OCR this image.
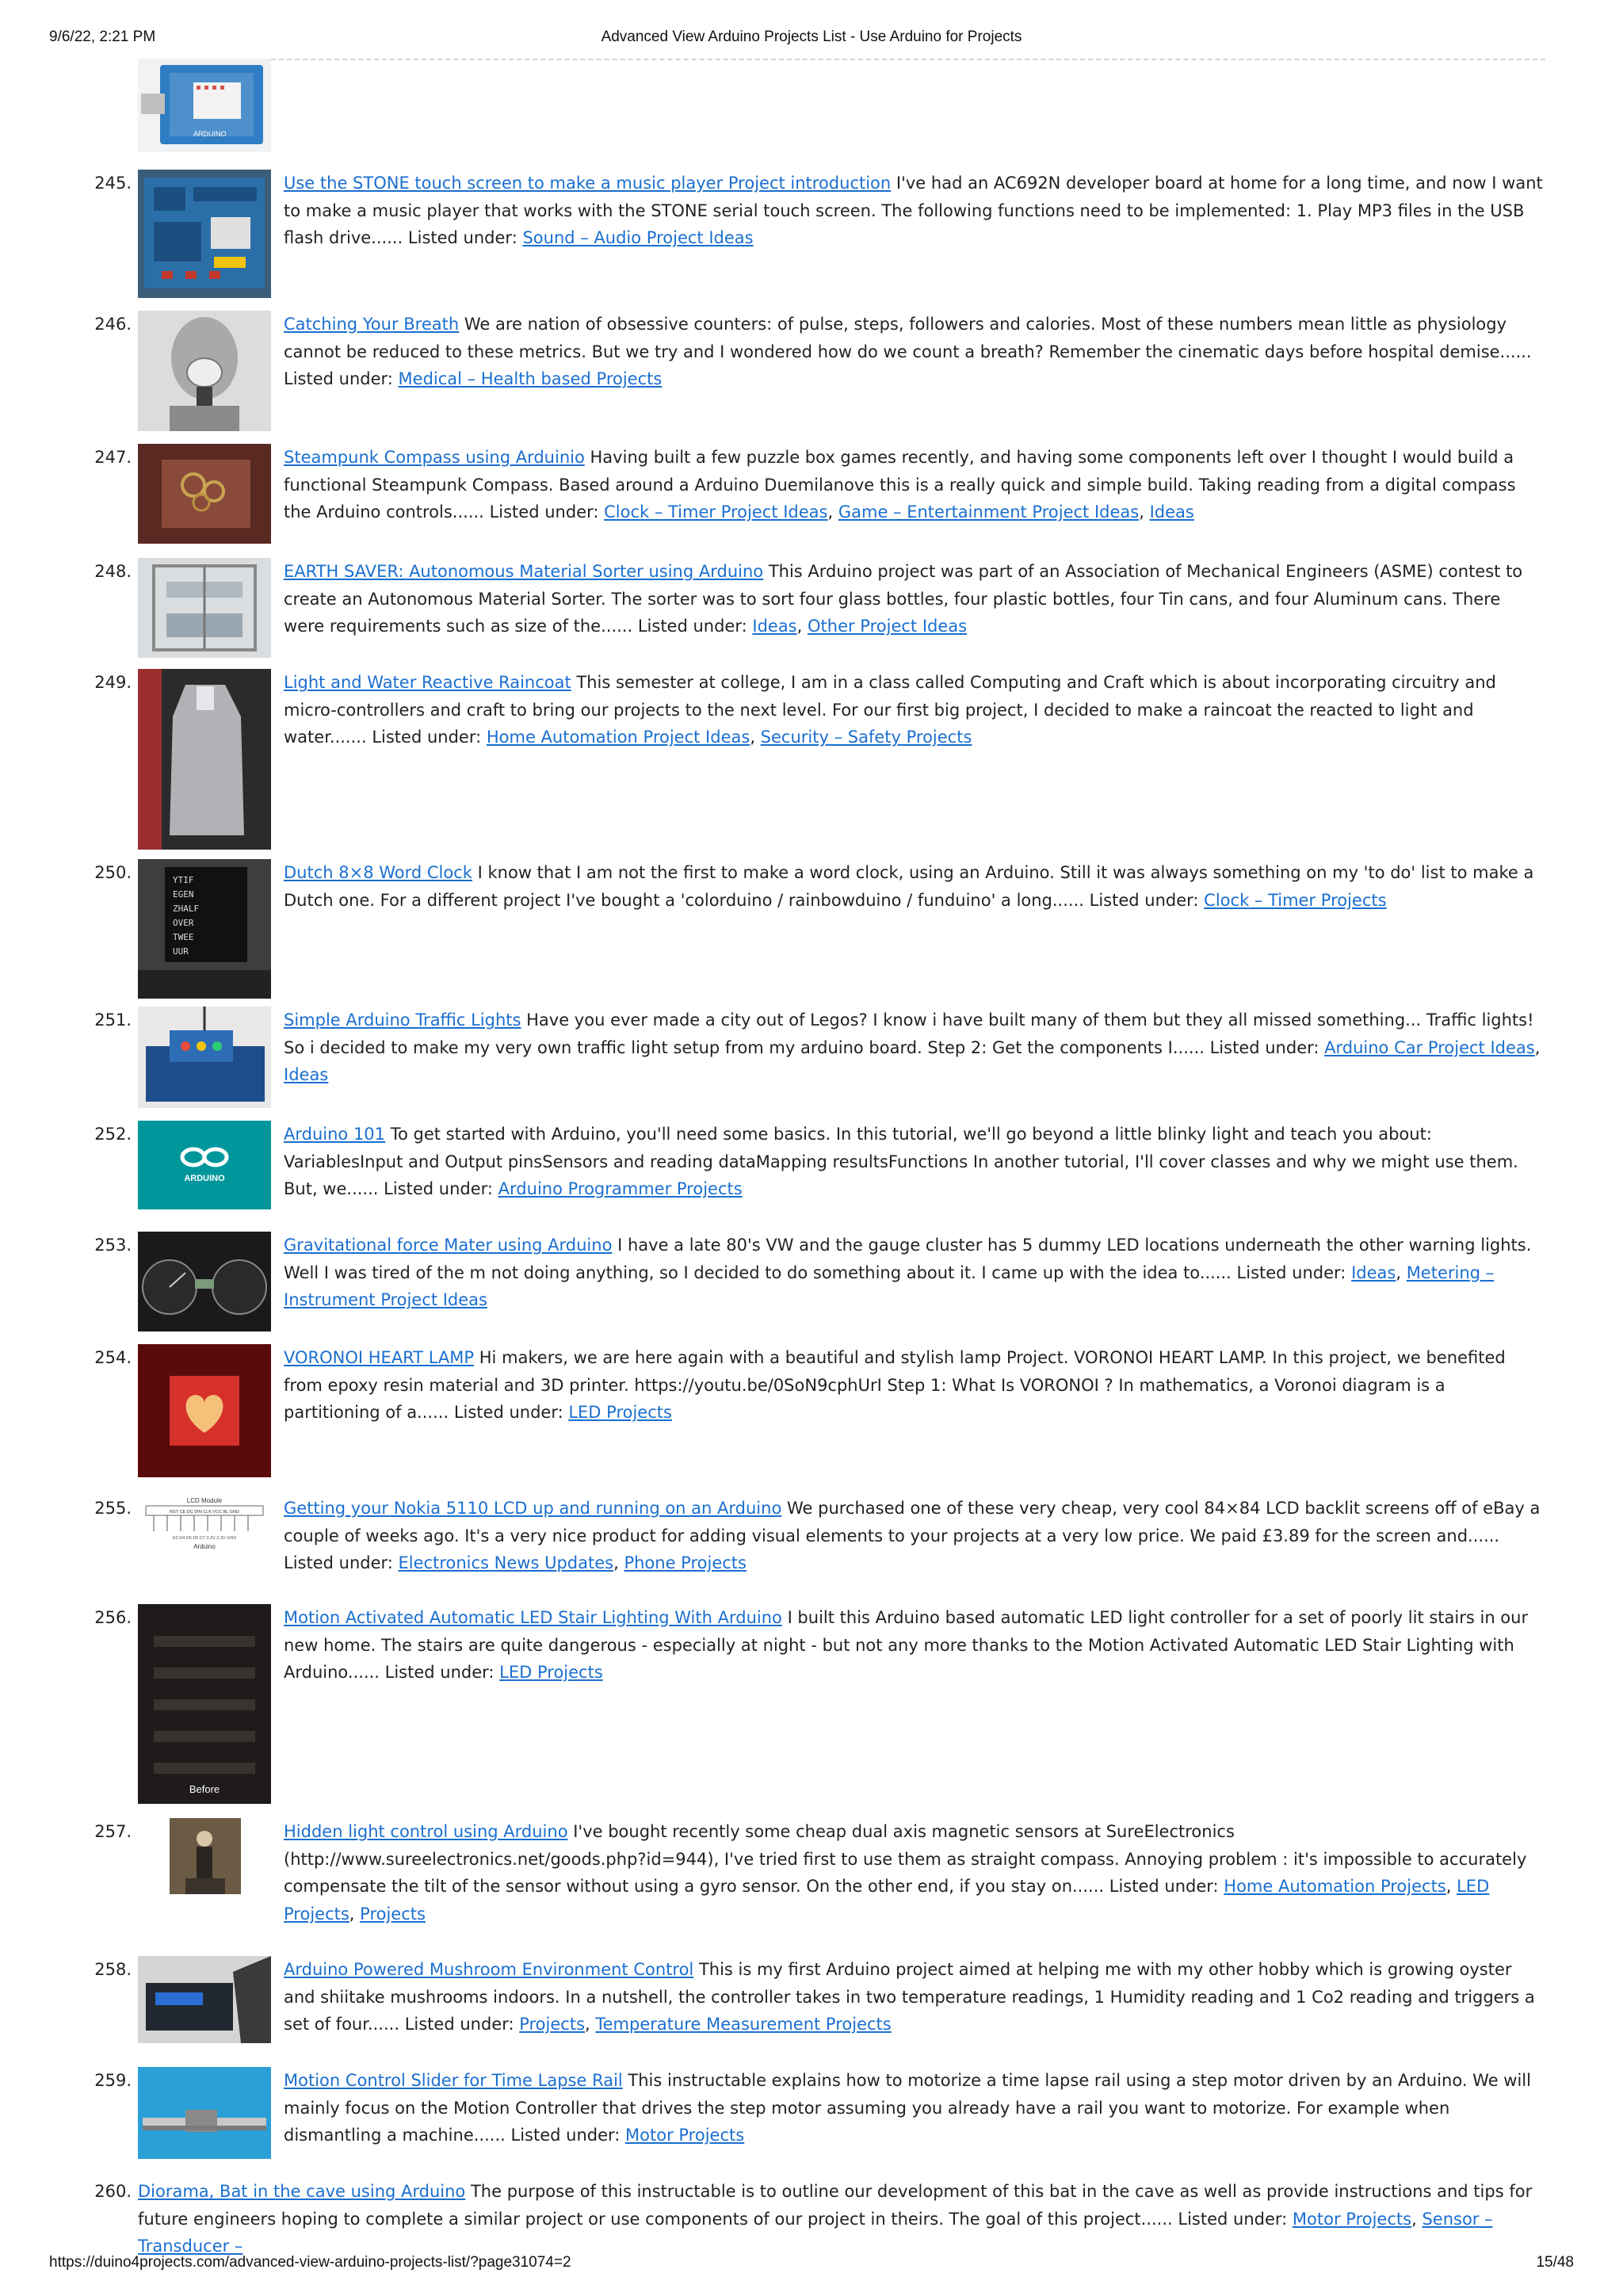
9/6/22, 2:21 PM	Advanced View Arduino Projects List - Use Arduino for Projects
ARDUINO
245.	Use the STONE touch screen to make a music player Project introduction I've had an AC692N developer board at home for a long time, and now I want to make a music player that works with the STONE serial touch screen. The following functions need to be implemented: 1. Play MP3 files in the USB flash drive...... Listed under: Sound – Audio Project Ideas
246.	Catching Your Breath We are nation of obsessive counters: of pulse, steps, followers and calories. Most of these numbers mean little as physiology cannot be reduced to these metrics. But we try and I wondered how do we count a breath? Remember the cinematic days before hospital demise...... Listed under: Medical – Health based Projects
247.	Steampunk Compass using Arduinio Having built a few puzzle box games recently, and having some components left over I thought I would build a functional Steampunk Compass. Based around a Arduino Duemilanove this is a really quick and simple build. Taking reading from a digital compass the Arduino controls...... Listed under: Clock – Timer Project Ideas, Game – Entertainment Project Ideas, Ideas
248.	EARTH SAVER: Autonomous Material Sorter using Arduino This Arduino project was part of an Association of Mechanical Engineers (ASME) contest to create an Autonomous Material Sorter. The sorter was to sort four glass bottles, four plastic bottles, four Tin cans, and four Aluminum cans. There were requirements such as size of the...... Listed under: Ideas, Other Project Ideas
249.	Light and Water Reactive Raincoat This semester at college, I am in a class called Computing and Craft which is about incorporating circuitry and micro-controllers and craft to bring our projects to the next level. For our first big project, I decided to make a raincoat the reacted to light and water....... Listed under: Home Automation Project Ideas, Security – Safety Projects
250.	YTIF
EGEN
ZHALF
OVER
TWEE
UUR
Dutch 8×8 Word Clock I know that I am not the first to make a word clock, using an Arduino. Still it was always something on my 'to do' list to make a Dutch one. For a different project I've bought a 'colorduino / rainbowduino / funduino' a long...... Listed under: Clock – Timer Projects
251.	Simple Arduino Traffic Lights Have you ever made a city out of Legos? I know i have built many of them but they all missed something... Traffic lights! So i decided to make my very own traffic light setup from my arduino board. Step 2: Get the components I...... Listed under: Arduino Car Project Ideas, Ideas
252.
ARDUINO
Arduino 101 To get started with Arduino, you'll need some basics. In this tutorial, we'll go beyond a little blinky light and teach you about: VariablesInput and Output pinsSensors and reading dataMapping resultsFunctions In another tutorial, I'll cover classes and why we might use them. But, we...... Listed under: Arduino Programmer Projects
253.	Gravitational force Mater using Arduino I have a late 80's VW and the gauge cluster has 5 dummy LED locations underneath the other warning lights. Well I was tired of the m not doing anything, so I decided to do something about it. I came up with the idea to...... Listed under: Ideas, Metering – Instrument Project Ideas
254.	VORONOI HEART LAMP Hi makers, we are here again with a beautiful and stylish lamp Project. VORONOI HEART LAMP. In this project, we benefited from epoxy resin material and 3D printer. https://youtu.be/0SoN9cphUrI Step 1: What Is VORONOI ? In mathematics, a Voronoi diagram is a partitioning of a...... Listed under: LED Projects
255.	LCD Module
RST CE DC DIN CLK VCC BL GND
D3 D4 D5 D6 D7 3.3V 3.3V GND
Arduino
Getting your Nokia 5110 LCD up and running on an Arduino We purchased one of these very cheap, very cool 84×84 LCD backlit screens off of eBay a couple of weeks ago. It's a very nice product for adding visual elements to your projects at a very low price. We paid £3.89 for the screen and...... Listed under: Electronics News Updates, Phone Projects
256.
Before
Motion Activated Automatic LED Stair Lighting With Arduino I built this Arduino based automatic LED light controller for a set of poorly lit stairs in our new home. The stairs are quite dangerous - especially at night - but not any more thanks to the Motion Activated Automatic LED Stair Lighting with Arduino...... Listed under: LED Projects
257.	Hidden light control using Arduino I've bought recently some cheap dual axis magnetic sensors at SureElectronics (http://www.sureelectronics.net/goods.php?id=944), I've tried first to use them as straight compass. Annoying problem : it's impossible to accurately compensate the tilt of the sensor without using a gyro sensor. On the other end, if you stay on...... Listed under: Home Automation Projects, LED Projects, Projects
258.	Arduino Powered Mushroom Environment Control This is my first Arduino project aimed at helping me with my other hobby which is growing oyster and shiitake mushrooms indoors. In a nutshell, the controller takes in two temperature readings, 1 Humidity reading and 1 Co2 reading and triggers a set of four...... Listed under: Projects, Temperature Measurement Projects
259.	Motion Control Slider for Time Lapse Rail This instructable explains how to motorize a time lapse rail using a step motor driven by an Arduino. We will mainly focus on the Motion Controller that drives the step motor assuming you already have a rail you want to motorize. For example when dismantling a machine...... Listed under: Motor Projects
260. Diorama, Bat in the cave using Arduino The purpose of this instructable is to outline our development of this bat in the cave as well as provide instructions and tips for future engineers hoping to complete a similar project or use components of our project in theirs. The goal of this project...... Listed under: Motor Projects, Sensor – Transducer –
https://duino4projects.com/advanced-view-arduino-projects-list/?page31074=2	15/48
